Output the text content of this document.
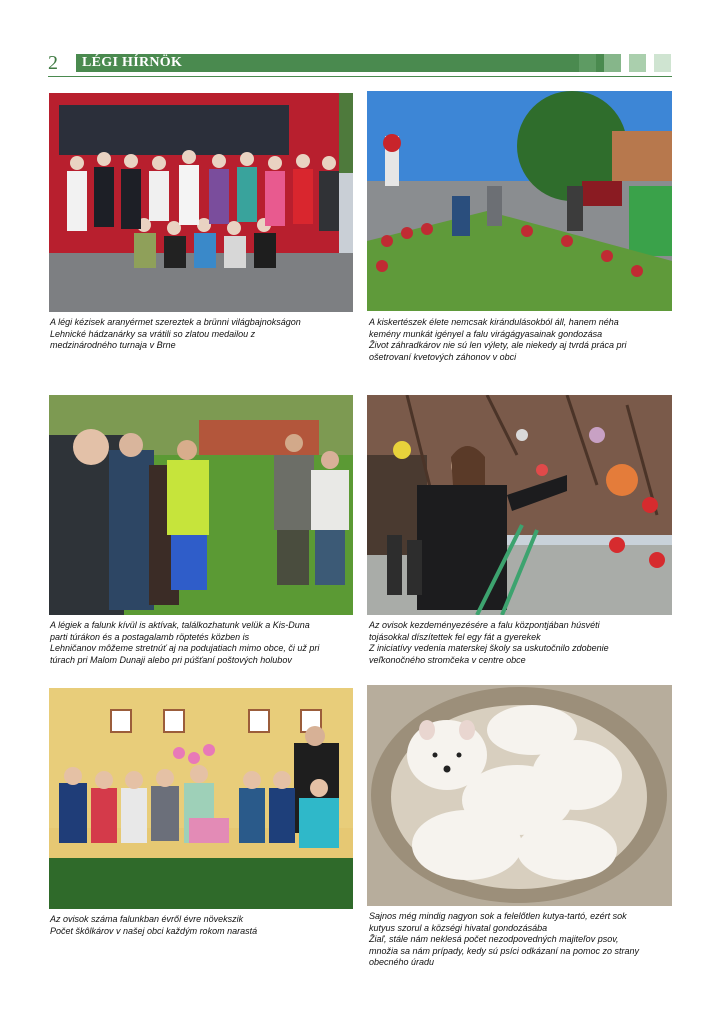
2	LÉGI HÍRNÖK
A légi kézisek aranyérmet szereztek a brünni világbajnokságon
Lehnické hádzanárky sa vrátili so zlatou medailou z
medzinárodného turnaja v Brne
A kiskertészek élete nemcsak kirándulásokból áll, hanem néha
kemény munkát igényel a falu virágágyasainak gondozása
Život záhradkárov nie sú len výlety, ale niekedy aj tvrdá práca pri
ošetrovaní kvetových záhonov v obci
A légiek a falunk kívül is aktívak, találkozhatunk velük a Kis-Duna
parti túrákon és a postagalamb röptetés közben is
Lehničanov môžeme stretnúť aj na podujatiach mimo obce, či už pri
túrach pri Malom Dunaji alebo pri púšťaní poštových holubov
Az ovisok kezdeményezésére a falu központjában húsvéti
tojásokkal díszítettek fel egy fát a gyerekek
Z iniciatívy vedenia materskej školy sa uskutočnilo zdobenie
veľkonočného stromčeka v centre obce
Az ovisok száma falunkban évről évre növekszik
Počet škôlkárov v našej obci každým rokom narastá
Sajnos még mindig nagyon sok a felelőtlen kutya-tartó, ezért sok
kutyus szorul a községi hivatal gondozásába
Žiaľ, stále nám neklesá počet nezodpovedných majiteľov psov,
množia sa nám prípady, kedy sú psíci odkázaní na pomoc zo strany
obecného úradu
